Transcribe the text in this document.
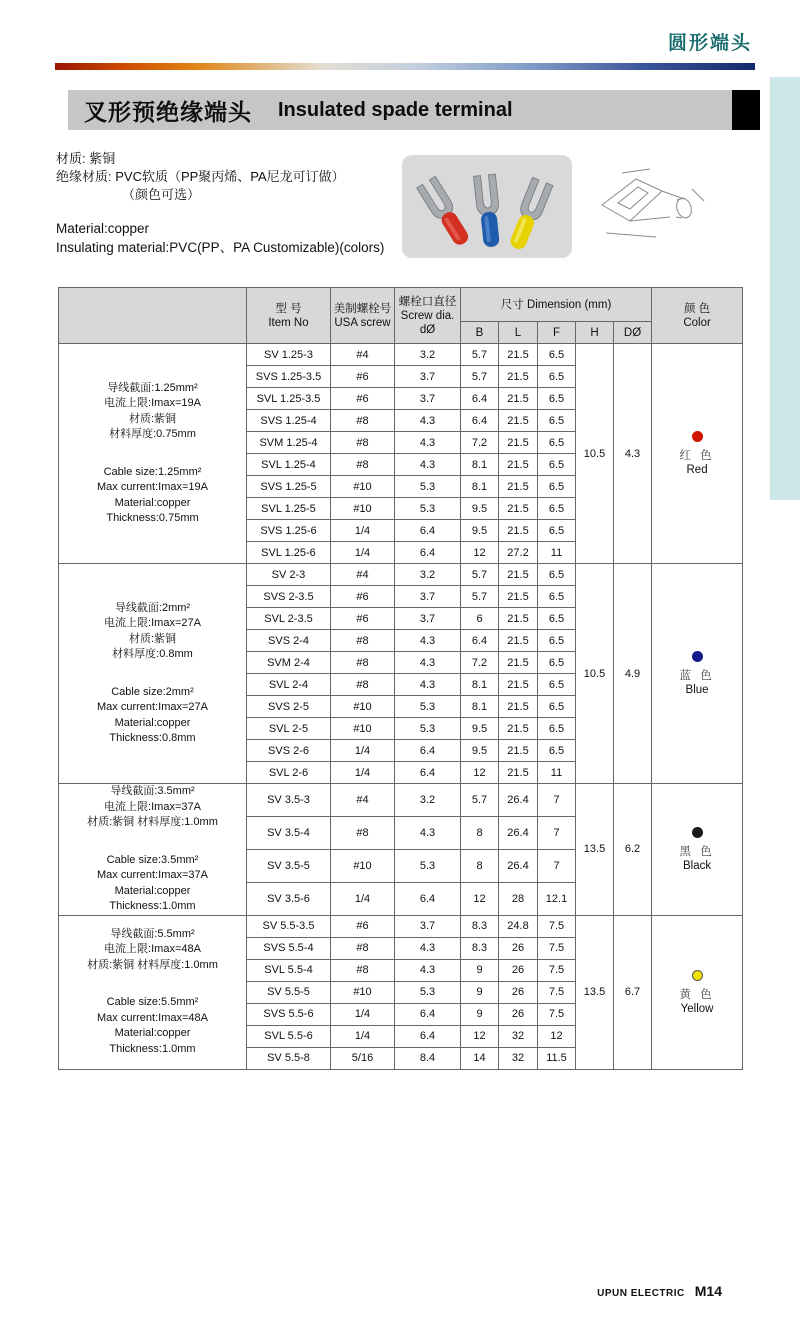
圆形端头
叉形预绝缘端头 Insulated spade terminal
材质: 紫铜
绝缘材质: PVC软质（PP聚丙烯、PA尼龙可订做）
（颜色可选）
Material:copper
Insulating material:PVC(PP、PA Customizable)(colors)

型 号
Item No

美制螺栓号
USA screw

螺栓口直径
Screw dia.
dØ
	尺寸 Dimension (mm)	颜 色
Color

				B	L	F	H	DØ	

导线截面:1.25mm²
电流上限:Imax=19A
材质:紫铜
材料厚度:0.75mm
Cable size:1.25mm²
Max current:Imax=19A
Material:copper
Thickness:0.75mm
	SV 1.25-3	#4	3.2	5.7	21.5	6.5	10.5	4.3	红 色
Red

	SVS 1.25-3.5	#6	3.7	5.7	21.5	6.5			
	SVL 1.25-3.5	#6	3.7	6.4	21.5	6.5			
	SVS 1.25-4	#8	4.3	6.4	21.5	6.5			
	SVM 1.25-4	#8	4.3	7.2	21.5	6.5			
	SVL 1.25-4	#8	4.3	8.1	21.5	6.5			
	SVS 1.25-5	#10	5.3	8.1	21.5	6.5			
	SVL 1.25-5	#10	5.3	9.5	21.5	6.5			
	SVS 1.25-6	1/4	6.4	9.5	21.5	6.5			
	SVL 1.25-6	1/4	6.4	12	27.2	11			

导线截面:2mm²
电流上限:Imax=27A
材质:紫铜
材料厚度:0.8mm
Cable size:2mm²
Max current:Imax=27A
Material:copper
Thickness:0.8mm
	SV 2-3	#4	3.2	5.7	21.5	6.5	10.5	4.9	蓝 色
Blue

	SVS 2-3.5	#6	3.7	5.7	21.5	6.5			
	SVL 2-3.5	#6	3.7	6	21.5	6.5			
	SVS 2-4	#8	4.3	6.4	21.5	6.5			
	SVM 2-4	#8	4.3	7.2	21.5	6.5			
	SVL 2-4	#8	4.3	8.1	21.5	6.5			
	SVS 2-5	#10	5.3	8.1	21.5	6.5			
	SVL 2-5	#10	5.3	9.5	21.5	6.5			
	SVS 2-6	1/4	6.4	9.5	21.5	6.5			
	SVL 2-6	1/4	6.4	12	21.5	11			

导线截面:3.5mm²
电流上限:Imax=37A
材质:紫铜 材料厚度:1.0mm
Cable size:3.5mm²
Max current:Imax=37A
Material:copper
Thickness:1.0mm
	SV 3.5-3	#4	3.2	5.7	26.4	7	13.5	6.2	黑 色
Black

	SV 3.5-4	#8	4.3	8	26.4	7			
	SV 3.5-5	#10	5.3	8	26.4	7			
	SV 3.5-6	1/4	6.4	12	28	12.1			

导线截面:5.5mm²
电流上限:Imax=48A
材质:紫铜 材料厚度:1.0mm
Cable size:5.5mm²
Max current:Imax=48A
Material:copper
Thickness:1.0mm
	SV 5.5-3.5	#6	3.7	8.3	24.8	7.5	13.5	6.7	黄 色
Yellow

	SVS 5.5-4	#8	4.3	8.3	26	7.5			
	SVL 5.5-4	#8	4.3	9	26	7.5			
	SV 5.5-5	#10	5.3	9	26	7.5			
	SVS 5.5-6	1/4	6.4	9	26	7.5			
	SVL 5.5-6	1/4	6.4	12	32	12			
	SV 5.5-8	5/16	8.4	14	32	11.5			
UPUN ELECTRIC M14
